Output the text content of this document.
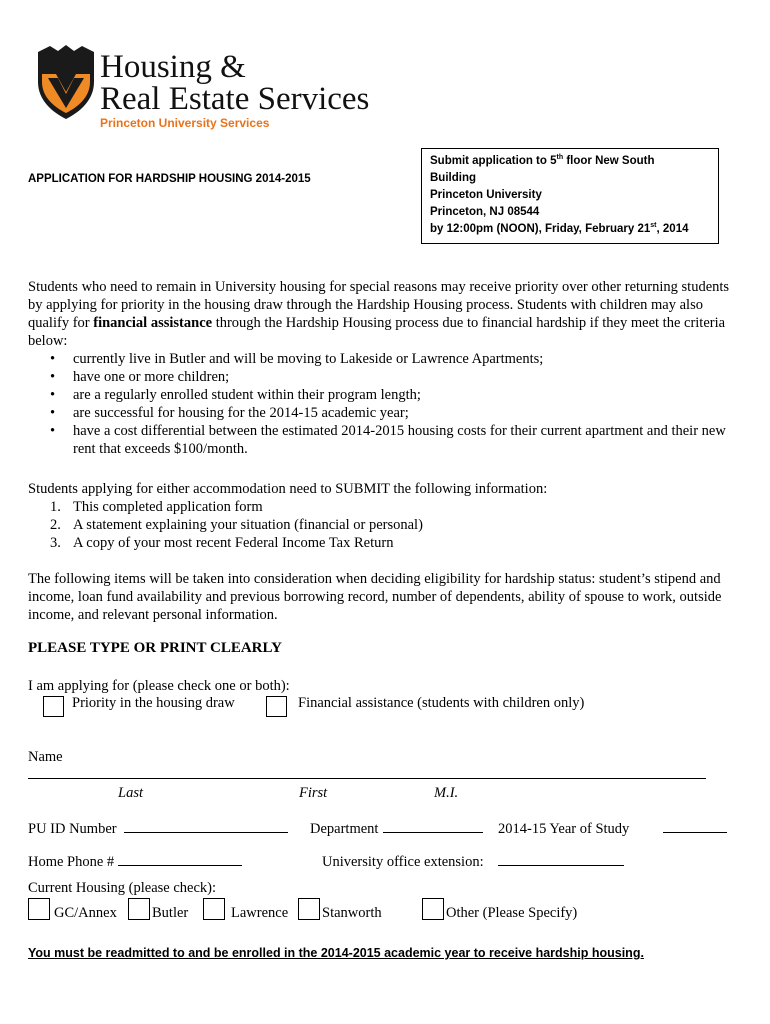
Housing &
Real Estate Services
Princeton University Services
APPLICATION FOR HARDSHIP HOUSING 2014-2015
Submit application to 5th floor New South
Building
Princeton University
Princeton, NJ 08544
by 12:00pm (NOON), Friday, February 21st, 2014

Students who need to remain in University housing for special reasons may receive priority over other returning students by applying for priority in the housing draw through the Hardship Housing process. Students with children may also qualify for financial assistance through the Hardship Housing process due to financial hardship if they meet the criteria below:

• currently live in Butler and will be moving to Lakeside or Lawrence Apartments;
• have one or more children;
• are a regularly enrolled student within their program length;
• are successful for housing for the 2014-15 academic year;
• have a cost differential between the estimated 2014-2015 housing costs for their current apartment and their new rent that exceeds $100/month.

Students applying for either accommodation need to SUBMIT the following information:

1. This completed application form
2. A statement explaining your situation (financial or personal)
3. A copy of your most recent Federal Income Tax Return

The following items will be taken into consideration when deciding eligibility for hardship status: student’s stipend and income, loan fund availability and previous borrowing record, number of dependents, ability of spouse to work, outside income, and relevant personal information.

PLEASE TYPE OR PRINT CLEARLY
I am applying for (please check one or both):
Priority in the housing draw	Financial assistance (students with children only)
Name
Last	First	M.I.
PU ID Number	Department	2014-15 Year of Study
Home Phone #	University office extension:
Current Housing (please check):
GC/Annex Butler	Lawrence Stanworth	Other (Please Specify)
You must be readmitted to and be enrolled in the 2014-2015 academic year to receive hardship housing.
